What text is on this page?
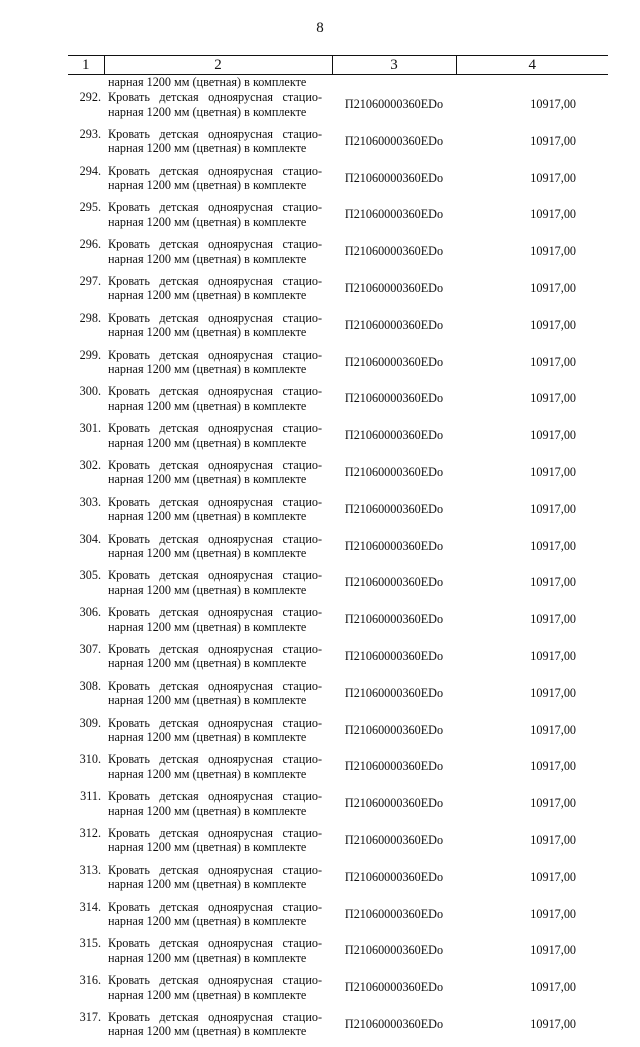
8
1	2	3	4
	нарная 1200 мм (цветная) в комплекте		
292.	Кровать детская одноярусная стацио-
нарная 1200 мм (цветная) в комплекте	П21060000360EDo	10917,00
293.	Кровать детская одноярусная стацио-
нарная 1200 мм (цветная) в комплекте	П21060000360EDo	10917,00
294.	Кровать детская одноярусная стацио-
нарная 1200 мм (цветная) в комплекте	П21060000360EDo	10917,00
295.	Кровать детская одноярусная стацио-
нарная 1200 мм (цветная) в комплекте	П21060000360EDo	10917,00
296.	Кровать детская одноярусная стацио-
нарная 1200 мм (цветная) в комплекте	П21060000360EDo	10917,00
297.	Кровать детская одноярусная стацио-
нарная 1200 мм (цветная) в комплекте	П21060000360EDo	10917,00
298.	Кровать детская одноярусная стацио-
нарная 1200 мм (цветная) в комплекте	П21060000360EDo	10917,00
299.	Кровать детская одноярусная стацио-
нарная 1200 мм (цветная) в комплекте	П21060000360EDo	10917,00
300.	Кровать детская одноярусная стацио-
нарная 1200 мм (цветная) в комплекте	П21060000360EDo	10917,00
301.	Кровать детская одноярусная стацио-
нарная 1200 мм (цветная) в комплекте	П21060000360EDo	10917,00
302.	Кровать детская одноярусная стацио-
нарная 1200 мм (цветная) в комплекте	П21060000360EDo	10917,00
303.	Кровать детская одноярусная стацио-
нарная 1200 мм (цветная) в комплекте	П21060000360EDo	10917,00
304.	Кровать детская одноярусная стацио-
нарная 1200 мм (цветная) в комплекте	П21060000360EDo	10917,00
305.	Кровать детская одноярусная стацио-
нарная 1200 мм (цветная) в комплекте	П21060000360EDo	10917,00
306.	Кровать детская одноярусная стацио-
нарная 1200 мм (цветная) в комплекте	П21060000360EDo	10917,00
307.	Кровать детская одноярусная стацио-
нарная 1200 мм (цветная) в комплекте	П21060000360EDo	10917,00
308.	Кровать детская одноярусная стацио-
нарная 1200 мм (цветная) в комплекте	П21060000360EDo	10917,00
309.	Кровать детская одноярусная стацио-
нарная 1200 мм (цветная) в комплекте	П21060000360EDo	10917,00
310.	Кровать детская одноярусная стацио-
нарная 1200 мм (цветная) в комплекте	П21060000360EDo	10917,00
311.	Кровать детская одноярусная стацио-
нарная 1200 мм (цветная) в комплекте	П21060000360EDo	10917,00
312.	Кровать детская одноярусная стацио-
нарная 1200 мм (цветная) в комплекте	П21060000360EDo	10917,00
313.	Кровать детская одноярусная стацио-
нарная 1200 мм (цветная) в комплекте	П21060000360EDo	10917,00
314.	Кровать детская одноярусная стацио-
нарная 1200 мм (цветная) в комплекте	П21060000360EDo	10917,00
315.	Кровать детская одноярусная стацио-
нарная 1200 мм (цветная) в комплекте	П21060000360EDo	10917,00
316.	Кровать детская одноярусная стацио-
нарная 1200 мм (цветная) в комплекте	П21060000360EDo	10917,00
317.	Кровать детская одноярусная стацио-
нарная 1200 мм (цветная) в комплекте	П21060000360EDo	10917,00
